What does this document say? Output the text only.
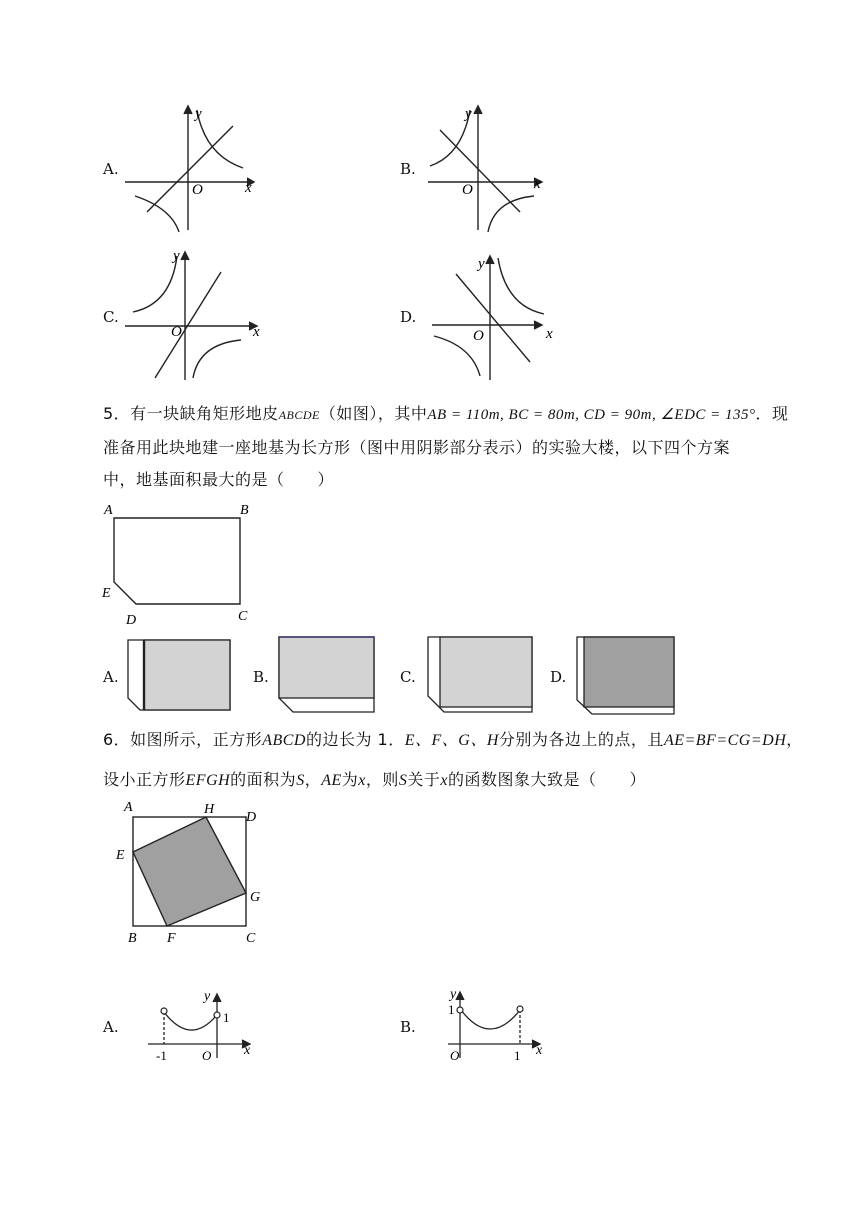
A.
y
x
O
B.
y
x
O
C.
y
x
O
D.
y
x
O
5．有一块缺角矩形地皮ABCDE（如图），其中AB = 110m, BC = 80m, CD = 90m, ∠EDC = 135°．现
准备用此块地建一座地基为长方形（图中用阴影部分表示）的实验大楼，以下四个方案
中，地基面积最大的是（　　）
A	B
C
D
E
A.	B.	C.	D.
6．如图所示，正方形ABCD的边长为 1．E、F、G、H分别为各边上的点，且AE=BF=CG=DH，
设小正方形EFGH的面积为S，AE为x，则S关于x的函数图象大致是（　　）
A	H
D
E
G
B F	C
A.
y
x
O
-1
1
B.
y
x
O
1
1
